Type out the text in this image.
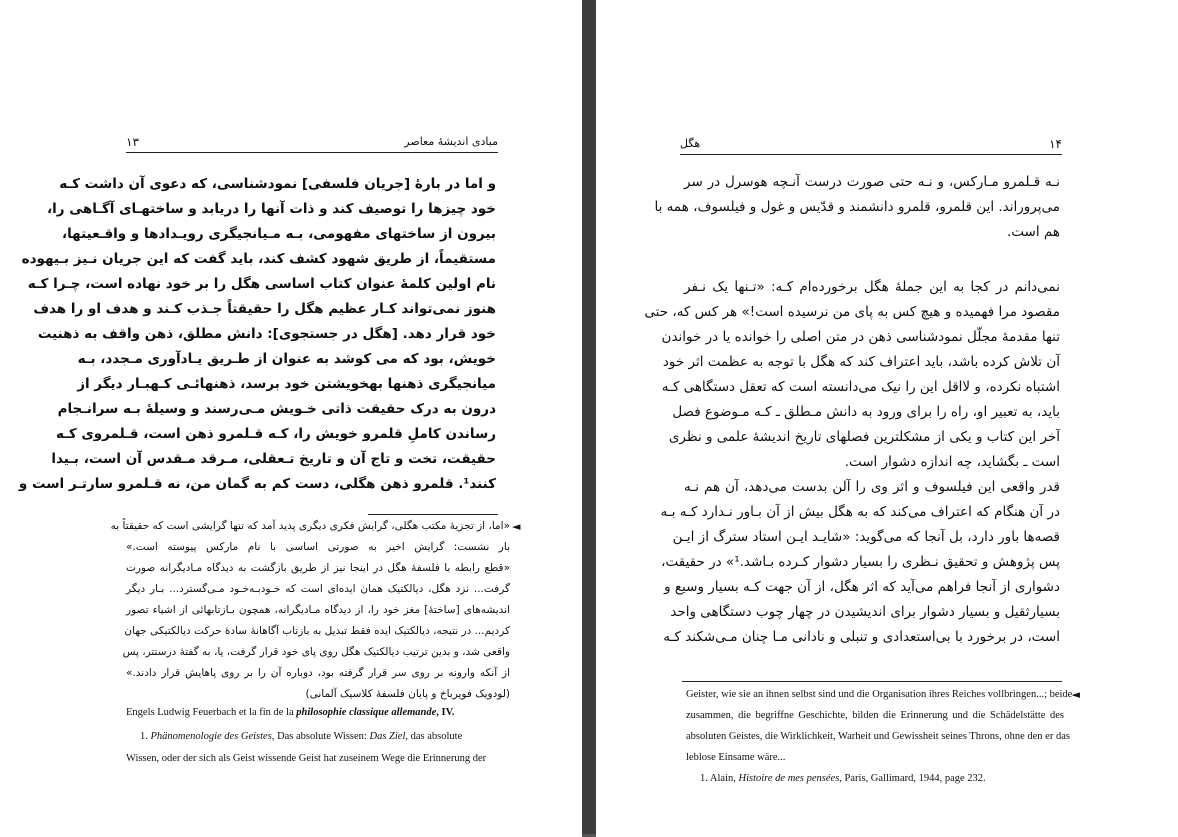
۱۳	مبادی اندیشهٔ معاصر
و اما در بارهٔ [جریان فلسفی] نمودشناسی، که دعوی آن داشت کـه
خود چیزها را توصیف کند و ذات آنها را دریابد و ساختهـای آگـاهی را،
بیرون از ساختهای مفهومی، بـه مـیانجیگری رویـدادها و واقـعیتها،
مستقیماً، از طریق شهود کشف کند، باید گفت که این جریان نـیز بـیهوده
نام اولین کلمهٔ عنوان کتاب اساسی هگل را بر خود نهاده است، چـرا کـه
هنوز نمی‌تواند کـار عظیم هگل را حقیقتاً جـذب کـند و هدف او را هدف
خود قرار دهد. [هگل در جستجوی]: دانش مطلق، ذهن واقف به ذهنیت
خویش، بود که می کوشد به عنوان از طـریق یـادآوری مـجدد، بـه
میانجیگری ذهنها بهخویشتن خود برسد، ذهنهائـی کـهبـار دیگر از
درون به درک حقیقت ذاتی خـویش مـی‌رسند و وسیلهٔ بـه سرانـجام
رساندن کاملِ قلمرو خویش را، کـه قـلمرو ذهن است، قـلمروی کـه
حقیقت، تخت و تاج آن و تاریخ تـعقلی، مـرقد مـقدس آن است، بـیدا
کنند¹. قلمرو ذهن هگلی، دست کم به گمان من، نه قـلمرو سارتـر است و
«اما، از تجزیهٔ مکتب هگلی، گرایش فکری دیگری پدید آمد که تنها گرایشی است که حقیقتاً به
بار نشست: گرایش اخیر به صورتی اساسی با نام مارکس پیوسته است.»
«قطع رابطه با فلسفهٔ هگل در اینجا نیز از طریق بازگشت به دیدگاه مـادیگرانه صورت
گرفت... نزد هگل، دیالکتیک همان ایده‌ای است که خـودبـه‌خـود مـی‌گسترد... بـار دیگر
اندیشه‌های [ساختهٔ] مغز خود را، از دیدگاه مـادیگرانه، همچون بـازتابهائی از اشیاء تصور
کردیم... در نتیجه، دیالکتیک ایده فقط تبدیل به بازتاب آگاهانهٔ سادهٔ حرکت دیالکتیکی جهان
واقعی شد، و بدین ترتیب دیالکتیک هگل روی پای خود قرار گرفت، یا، به گفتهٔ درستتر، پس
از آنکه وارونه بر روی سر قرار گرفته بود، دوباره آن را بر روی پاهایش قرار دادند.»
(لودویک فویرباخ و پایان فلسفهٔ کلاسیک آلمانی)
Engels Ludwig Feuerbach et la fin de la philosophie classique allemande, IV.
1. Phänomenologie des Geistes, Das absolute Wissen: Das Ziel, das absolute
Wissen, oder der sich als Geist wissende Geist hat zuseinem Wege die Erinnerung der
۱۴
هگل
نـه قـلمرو مـارکس، و نـه حتی صورت درست آنـچه هوسرل در سر
می‌پروراند. این قلمرو، قلمرو دانشمند و قدّیس و غول و فیلسوف، همه با
هم است.
نمی‌دانم در کجا به این جملهٔ هگل برخورده‌ام کـه: «تـنها یک نـفر
مقصود مرا فهمیده و هیچ کس به پای من نرسیده است!» هر کس که، حتی
تنها مقدمهٔ مجلّل نمودشناسی ذهن در متن اصلی را خوانده یا در خواندن
آن تلاش کرده باشد، باید اعتراف کند که هگل با توجه به عظمت اثر خود
اشتباه نکرده، و لااقل این را نیک می‌دانسته است که تعقل دستگاهی کـه
باید، به تعبیر او، راه را برای ورود به دانش مـطلق ـ کـه مـوضوع فصل
آخر این کتاب و یکی از مشکلترین فصلهای تاریخ اندیشهٔ علمی و نظری
است ـ بگشاید، چه اندازه دشوار است.
قدر واقعی این فیلسوف و اثر وی را آلن بدست می‌دهد، آن هم نـه
در آن هنگام که اعتراف می‌کند که به هگل بیش از آن بـاور نـدارد کـه بـه
قصه‌ها باور دارد، بل آنجا که می‌گوید: «شایـد ایـن استاد سترگ از ایـن
پس پژوهش و تحقیق نـظری را بسیار دشوار کـرده بـاشد.¹» در حقیقت،
دشواری از آنجا فراهم می‌آید که اثر هگل، از آن جهت کـه بسیار وسیع و
بسیارثقیل و بسیار دشوار برای اندیشیدن در چهار چوب دستگاهی واحد
است، در برخورد با بی‌استعدادی و تنبلی و نادانی مـا چنان مـی‌شکند کـه
◄
Geister, wie sie an ihnen selbst sind und die Organisation ihres Reiches vollbringen...; beide
zusammen, die begriffne Geschichte, bilden die Erinnerung und die Schädelstätte des
absoluten Geistes, die Wirklichkeit, Warheit und Gewissheit seines Throns, ohne den er das
leblose Einsame wäre...
1. Alain, Histoire de mes pensées, Paris, Gallimard, 1944, page 232.
◄
